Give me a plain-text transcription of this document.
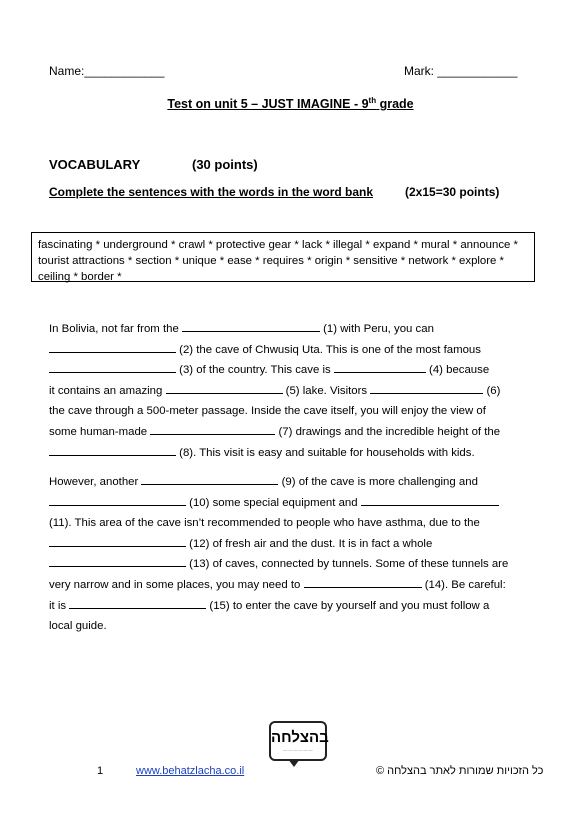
Name:____________	Mark: ____________
Test on unit 5 – JUST IMAGINE - 9th grade
VOCABULARY	(30 points)
Complete the sentences with the words in the word bank	(2x15=30 points)
fascinating * underground * crawl * protective gear * lack * illegal * expand * mural * announce *
tourist attractions * section * unique * ease * requires * origin * sensitive * network * explore *
ceiling * border *
In Bolivia, not far from the	(1) with Peru, you can
(2) the cave of Chwusiq Uta. This is one of the most famous
(3) of the country. This cave is	(4) because
it contains an amazing	(5) lake. Visitors	(6)
the cave through a 500-meter passage. Inside the cave itself, you will enjoy the view of
some human-made	(7) drawings and the incredible height of the
(8). This visit is easy and suitable for households with kids.
However, another	(9) of the cave is more challenging and
(10) some special equipment and
(11). This area of the cave isn’t recommended to people who have asthma, due to the
(12) of fresh air and the dust. It is in fact a whole
(13) of caves, connected by tunnels. Some of these tunnels are
very narrow and in some places, you may need to	(14). Be careful:
it is	(15) to enter the cave by yourself and you must follow a
local guide.
בהצלחה
— — — — — —
1	www.behatzlacha.co.il	כל הזכויות שמורות לאתר בהצלחה ©
